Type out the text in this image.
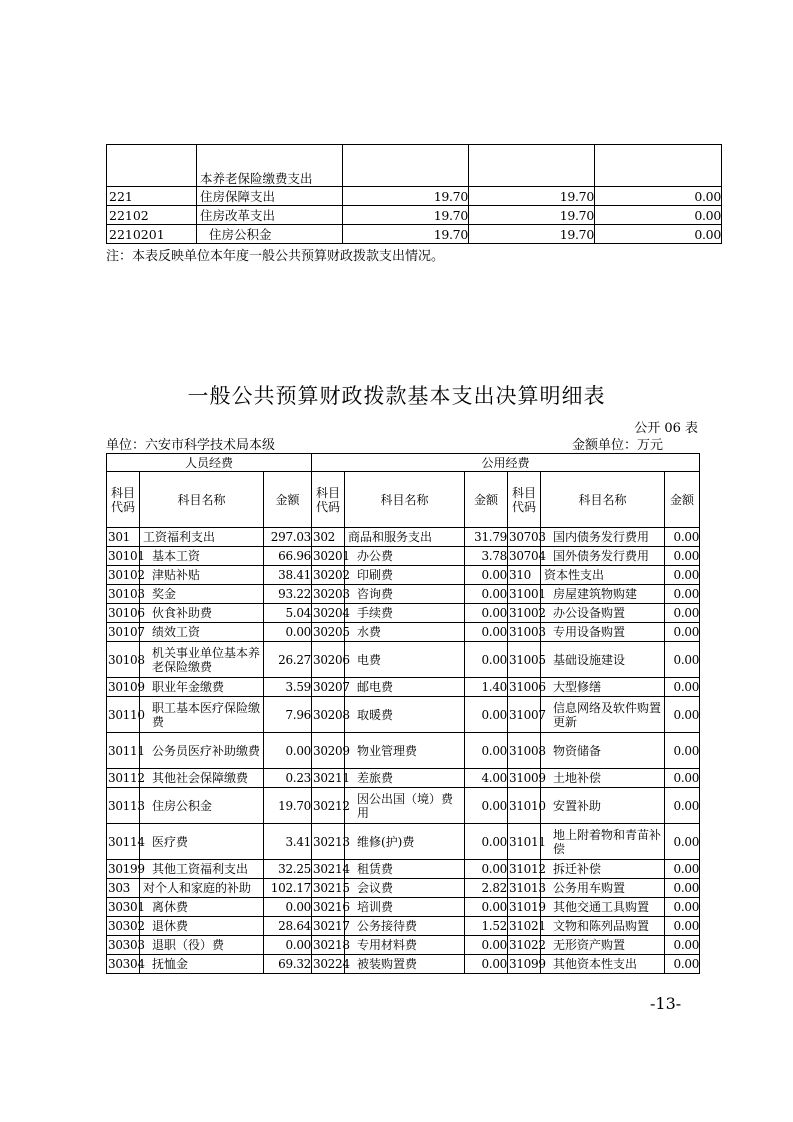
	本养老保险缴费支出			
221	住房保障支出	19.70	19.70	0.00
22102	住房改革支出	19.70	19.70	0.00
2210201	住房公积金	19.70	19.70	0.00
注：本表反映单位本年度一般公共预算财政拨款支出情况。
一般公共预算财政拨款基本支出决算明细表
公开 06 表
单位：六安市科学技术局本级	金额单位：万元
人员经费			公用经费					
科目代码	科目名称	金额	科目代码	科目名称	金额	科目代码	科目名称	金额
301	工资福利支出	297.03	302	商品和服务支出	31.79	30703	国内债务发行费用	0.00
30101	基本工资	66.96	30201	办公费	3.78	30704	国外债务发行费用	0.00
30102	津贴补贴	38.41	30202	印刷费	0.00	310	资本性支出	0.00
30103	奖金	93.22	30203	咨询费	0.00	31001	房屋建筑物购建	0.00
30106	伙食补助费	5.04	30204	手续费	0.00	31002	办公设备购置	0.00
30107	绩效工资	0.00	30205	水费	0.00	31003	专用设备购置	0.00
30108	机关事业单位基本养老保险缴费	26.27	30206	电费	0.00	31005	基础设施建设	0.00
30109	职业年金缴费	3.59	30207	邮电费	1.40	31006	大型修缮	0.00
30110	职工基本医疗保险缴费	7.96	30208	取暖费	0.00	31007	信息网络及软件购置更新	0.00
30111	公务员医疗补助缴费	0.00	30209	物业管理费	0.00	31008	物资储备	0.00
30112	其他社会保障缴费	0.23	30211	差旅费	4.00	31009	土地补偿	0.00
30113	住房公积金	19.70	30212	因公出国（境）费用	0.00	31010	安置补助	0.00
30114	医疗费	3.41	30213	维修(护)费	0.00	31011	地上附着物和青苗补偿	0.00
30199	其他工资福利支出	32.25	30214	租赁费	0.00	31012	拆迁补偿	0.00
303	对个人和家庭的补助	102.17	30215	会议费	2.82	31013	公务用车购置	0.00
30301	离休费	0.00	30216	培训费	0.00	31019	其他交通工具购置	0.00
30302	退休费	28.64	30217	公务接待费	1.52	31021	文物和陈列品购置	0.00
30303	退职（役）费	0.00	30218	专用材料费	0.00	31022	无形资产购置	0.00
30304	抚恤金	69.32	30224	被装购置费	0.00	31099	其他资本性支出	0.00
-13-
